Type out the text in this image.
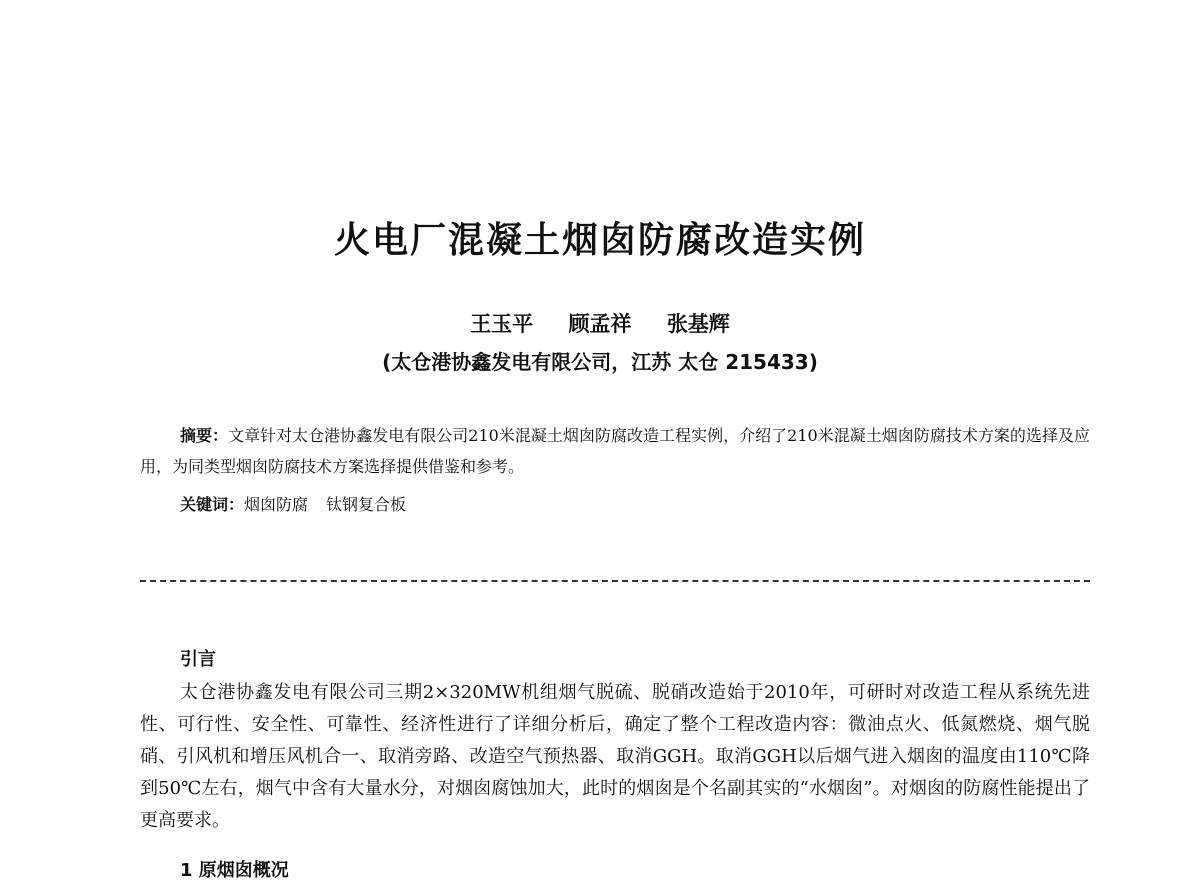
火电厂混凝土烟囱防腐改造实例
王玉平 顾孟祥 张基辉
(太仓港协鑫发电有限公司，江苏 太仓 215433)
摘要：文章针对太仓港协鑫发电有限公司210米混凝土烟囱防腐改造工程实例，介绍了210米混凝土烟囱防腐技术方案的选择及应用，为同类型烟囱防腐技术方案选择提供借鉴和参考。
关键词：烟囱防腐 钛钢复合板
引言
太仓港协鑫发电有限公司三期2×320MW机组烟气脱硫、脱硝改造始于2010年，可研时对改造工程从系统先进性、可行性、安全性、可靠性、经济性进行了详细分析后，确定了整个工程改造内容：微油点火、低氮燃烧、烟气脱硝、引风机和增压风机合一、取消旁路、改造空气预热器、取消GGH。取消GGH以后烟气进入烟囱的温度由110℃降到50℃左右，烟气中含有大量水分，对烟囱腐蚀加大，此时的烟囱是个名副其实的“水烟囱”。对烟囱的防腐性能提出了更高要求。
1 原烟囱概况
